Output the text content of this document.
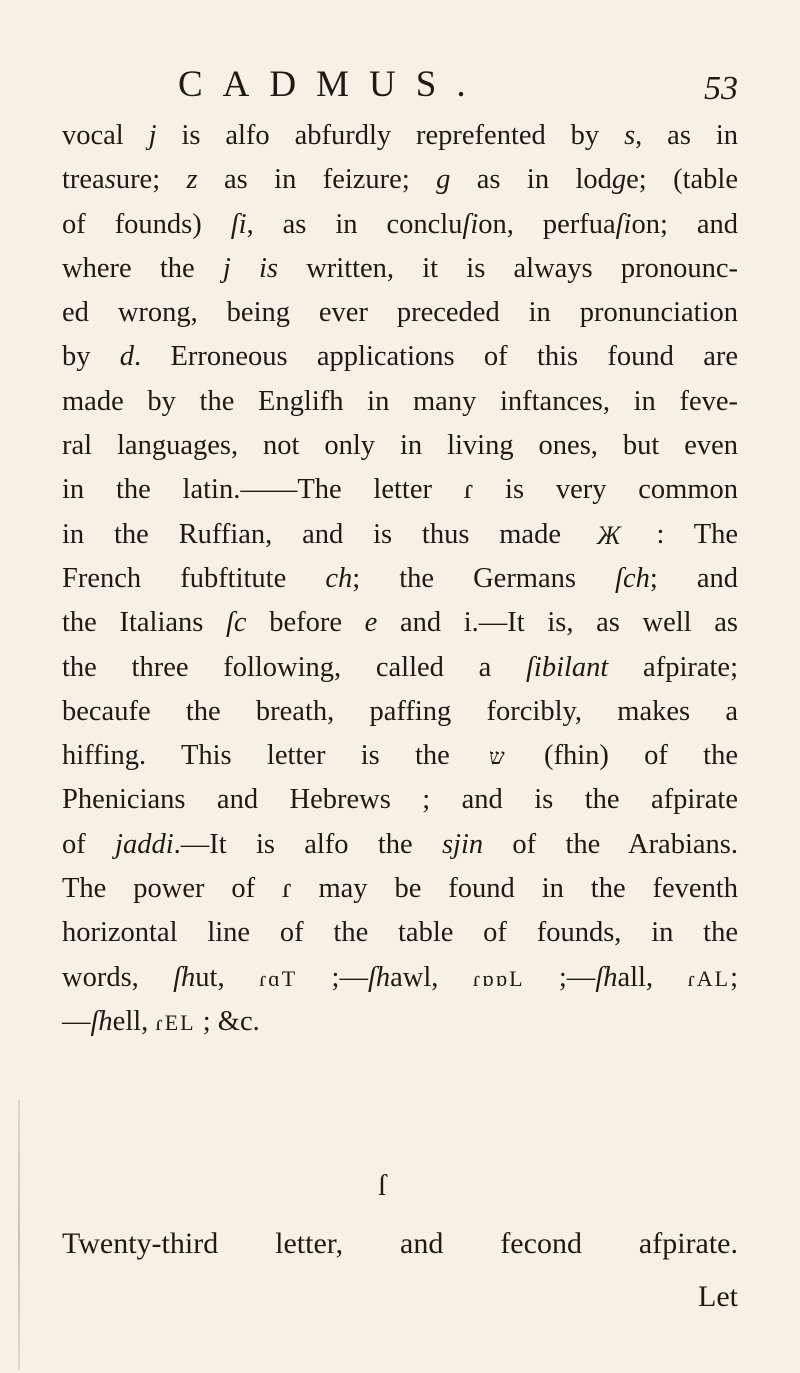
CADMUS.	53
vocal j is alfo abfurdly reprefented by s, as in
treasure; z as in feizure; g as in lodge; (table
of founds) ſi, as in concluſion, perfuaſion; and
where the j is written, it is always pronounc-
ed wrong, being ever preceded in pronunciation
by d. Erroneous applications of this found are
made by the Englifh in many inftances, in feve-
ral languages, not only in living ones, but even
in the latin.——The letter ɾ is very common
in the Ruffian, and is thus made Ж : The
French fubftitute ch; the Germans ſch; and
the Italians ſc before e and i.—It is, as well as
the three following, called a ſibilant afpirate;
becaufe the breath, paffing forcibly, makes a
hiffing. This letter is the ש (fhin) of the
Phenicians and Hebrews ; and is the afpirate
of jaddi.—It is alfo the sjin of the Arabians.
The power of ɾ may be found in the feventh
horizontal line of the table of founds, in the
words, ſhut, ɾɑT ;—ſhawl, ɾɒɒL ;—ſhall, ɾAL;
—ſhell, ɾEL ; &c.
ſ
Twenty-third letter, and fecond afpirate.
Let
